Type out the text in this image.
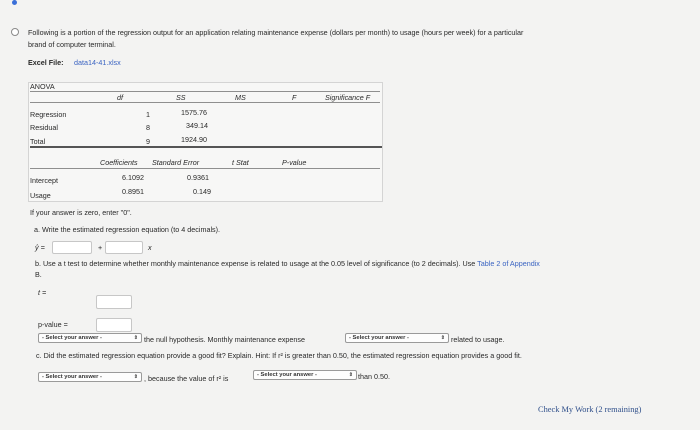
Following is a portion of the regression output for an application relating maintenance expense (dollars per month) to usage (hours per week) for a particular
brand of computer terminal.
Excel File: data14-41.xlsx
ANOVA
df	SS	MS	F	Significance F
Regression	1	1575.76
Residual	8	349.14
Total	9	1924.90
Coefficients Standard Error	t Stat	P-value
Intercept	6.1092	0.9361
Usage	0.8951	0.149
If your answer is zero, enter "0".
a. Write the estimated regression equation (to 4 decimals).
ŷ =	+	x
b. Use a t test to determine whether monthly maintenance expense is related to usage at the 0.05 level of significance (to 2 decimals). Use Table 2 of Appendix
B.
t =
p-value =
- Select your answer -	⇕ the null hypothesis. Monthly maintenance expense	- Select your answer -	⇕ related to usage.
c. Did the estimated regression equation provide a good fit? Explain. Hint: If r² is greater than 0.50, the estimated regression equation provides a good fit.
- Select your answer -	⇕ , because the value of r² is	- Select your answer -	⇕ than 0.50.
Check My Work (2 remaining)
